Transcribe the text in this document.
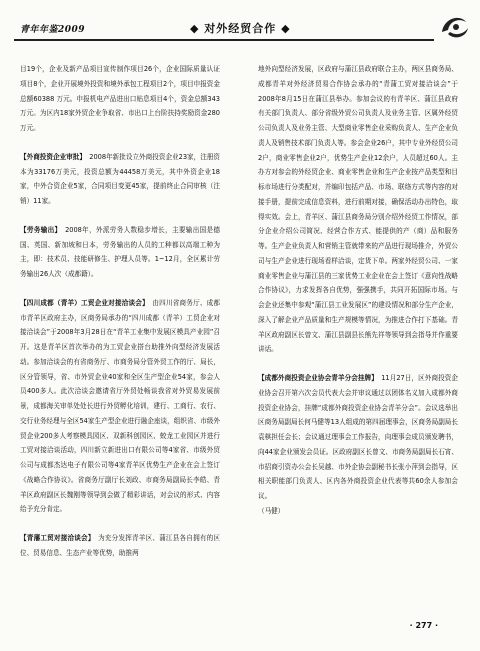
青年年鉴2009	◆ 对外经贸合作 ◆

目19个，企业及新产品项目宣传制作项目26个，企业国际质量认证项目8个，企业开展境外投资和境外承包工程项目2个，项目申报资金总额60388 万元。申报机电产品进出口贴息项目4个，资金总额343万元。为区内18家外贸企业争取省、市出口上台阶扶持奖励资金280万元。

【外商投资企业审批】　 2008年新批设立外商投资企业23家，注册资本为33176万美元，投资总额为44458万美元，其中外资企业18家，中外合资企业5家，合同项目变更45家，提前终止合同审核（注销）11家。

【劳务输出】　 2008年，外派劳务人数稳步增长，主要输出国是德国、英国、新加坡和日本，劳务输出的人员的工种都以高端工种为主，即：技术员、技能研修生、护理人员等。1~12月，全区累计劳务输出26人次（成都籍）。

【四川成都（青羊）工贸企业对接洽谈会】　 由四川省商务厅、成都市青羊区政府主办，区商务局承办的“四川成都（青羊）工贸企业对接洽谈会”于2008年3月28日在“青羊工业集中发展区模具产业园”召开。这是青羊区首次举办的为工贸企业搭台助推外向型经济发展活动。参加洽谈会的有省商务厅、市商务局分管外贸工作的厅、局长，区分管领导，省、市外贸企业40家和全区生产型企业54家，参会人员400多人。此次洽谈会邀请省厅外贸处畅谈我省对外贸易发展前景，成都海关审单处处长进行外贸孵化培训，建行、工商行、农行、交行业务经理与全区54家生产型企业进行融企座谈，组织省、市级外贸企业200多人考察模具园区、双新科创园区、蛟龙工业园区并进行工贸对接洽谈活动，四川新立新进出口有限公司等4家省、市级外贸公司与成都杰达电子有限公司等4家青羊区优势生产企业在会上签订《战略合作协议》。省商务厅副厅长刘政、市商务局副局长李皓、青羊区政府副区长魏刚等领导到会做了精彩讲话，对会议的形式、内容给予充分肯定。

【青藩工贸对接洽谈会】　 为充分发挥青羊区、蒲江县各自拥有的区位、贸易信息、生态产业等优势，助推两

地外向型经济发展，区政府与蒲江县政府联合主办，两区县商务局、成都青羊对外经济贸易合作协会承办的“青蒲工贸对接洽谈会”于2008年8月15日在蒲江县举办。参加会议的有青羊区、蒲江县政府有关部门负责人、部分省级外贸公司负责人及业务主管、区属外经贸公司负责人及业务主管、大型商业零售企业采购负责人、生产企业负责人及销售技术部门负责人等。参会企业26户，其中专业外经贸公司2户，商业零售企业2户，优势生产企业12余户，人员超过60人。主办方对参会的外经贸企业、商业零售企业和生产企业按产品类型和目标市场进行分类配对，并编印包括产品、市场、联络方式等内容的对接手册，提前完成信息资料，进行前期对接，确保活动办出特色，取得实效。会上，青羊区、蒲江县商务局分别介绍外经贸工作情况，部分企业介绍公司简况、经营合作方式、能提供的产（商）品和服务等。生产企业负责人和营销主管就带来的产品进行现场推介，外贸公司与生产企业进行现场看样洽谈，定货下单。两家外经贸公司、一家商业零售企业与蒲江县的三家优势工业企业在会上签订《意向性战略合作协议》，力求发挥各自优势，强强携手，共同开拓国际市场。与会企业还集中参观“蒲江县工业发展区”的建设情况和部分生产企业，深入了解企业产品质量和生产规模等情况，为推进合作打下基础。青羊区政府副区长曾文、蒲江县副县长熊先祥等领导到会指导并作重要讲话。

【成都外商投资企业协会青羊分会挂牌】　 11月27日，区外商投资企业协会召开第六次会员代表大会并审议通过以团体名义加入成都外商投资企业协会，挂牌“成都外商投资企业协会青羊分会”。会议选举出区商务局副局长何马健等13人组成的第四届理事会，区商务局副局长袁棋担任会长；会议通过理事会工作报告，向理事会成员颁发聘书，向44家企业颁发会员证。区政府副区长曾文、市商务局副局长石宵、市招商引资办公会长吴越、市外企协会副秘书长张小萍到会指导，区相关职能部门负责人、区内各外商投资企业代表等共60余人参加会议。

（马健）

· 277 ·
